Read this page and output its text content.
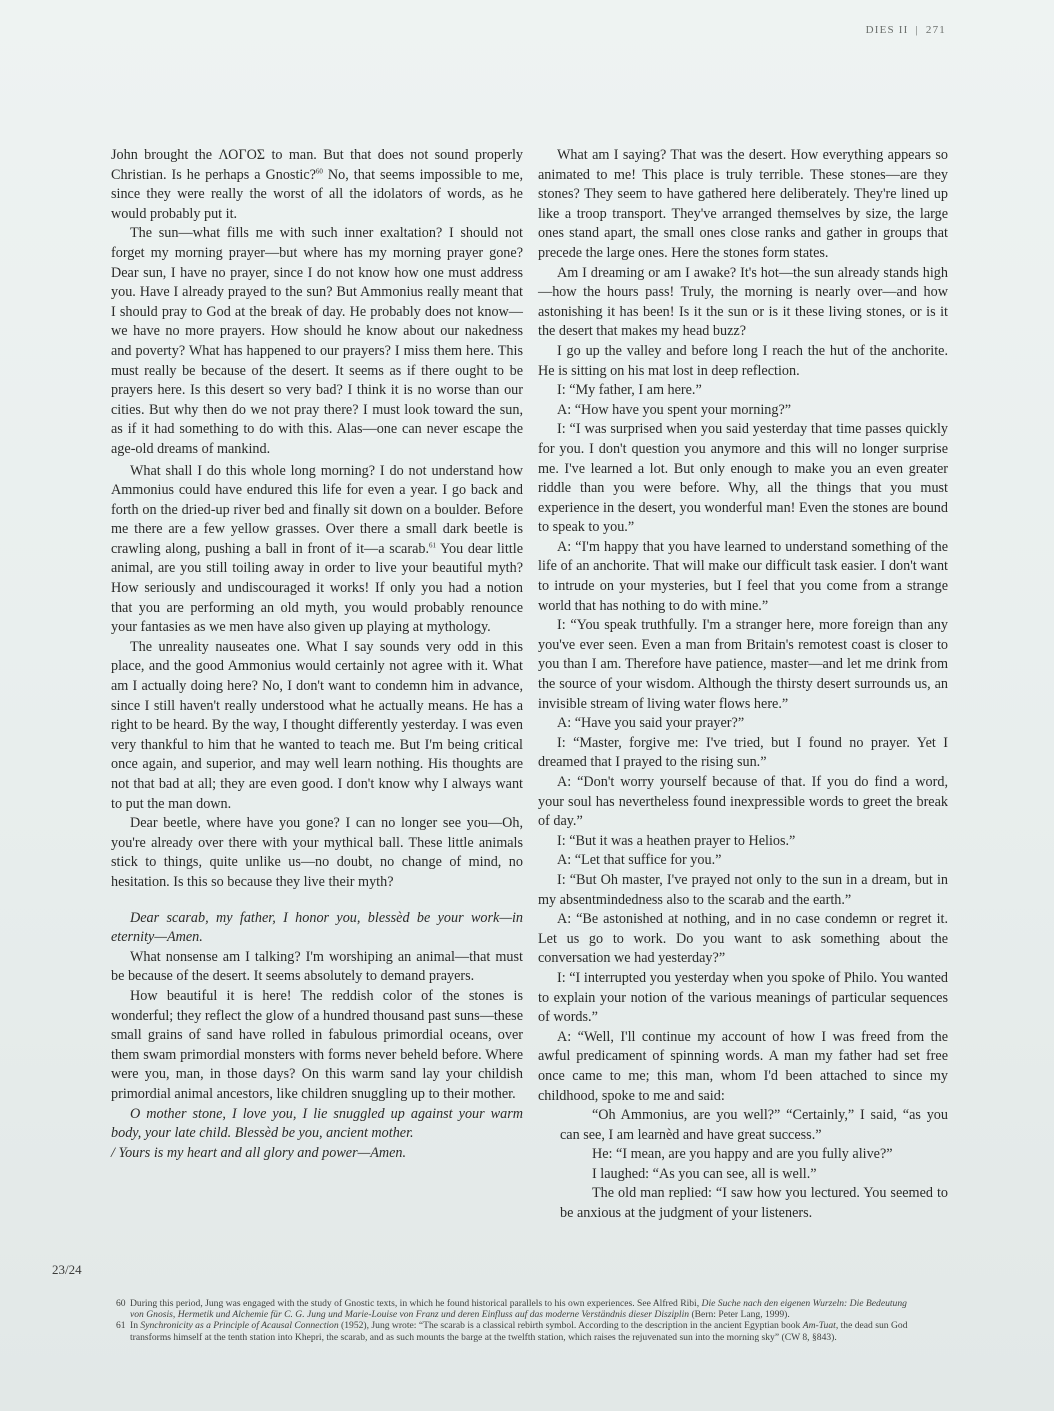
DIES II | 271

John brought the ΛΟΓΟΣ to man. But that does not sound properly Christian. Is he perhaps a Gnostic?$^{60}$ No, that seems impossible to me, since they were really the worst of all the idolators of words, as he would probably put it.

The sun—what fills me with such inner exaltation? I should not forget my morning prayer—but where has my morning prayer gone? Dear sun, I have no prayer, since I do not know how one must address you. Have I already prayed to the sun? But Ammonius really meant that I should pray to God at the break of day. He probably does not know—we have no more prayers. How should he know about our nakedness and poverty? What has happened to our prayers? I miss them here. This must really be because of the desert. It seems as if there ought to be prayers here. Is this desert so very bad? I think it is no worse than our cities. But why then do we not pray there? I must look toward the sun, as if it had something to do with this. Alas—one can never escape the age-old dreams of mankind.

What shall I do this whole long morning? I do not understand how Ammonius could have endured this life for even a year. I go back and forth on the dried-up river bed and finally sit down on a boulder. Before me there are a few yellow grasses. Over there a small dark beetle is crawling along, pushing a ball in front of it—a scarab.$^{61}$ You dear little animal, are you still toiling away in order to live your beautiful myth? How seriously and undiscouraged it works! If only you had a notion that you are performing an old myth, you would probably renounce your fantasies as we men have also given up playing at mythology.

The unreality nauseates one. What I say sounds very odd in this place, and the good Ammonius would certainly not agree with it. What am I actually doing here? No, I don't want to condemn him in advance, since I still haven't really understood what he actually means. He has a right to be heard. By the way, I thought differently yesterday. I was even very thankful to him that he wanted to teach me. But I'm being critical once again, and superior, and may well learn nothing. His thoughts are not that bad at all; they are even good. I don't know why I always want to put the man down.

Dear beetle, where have you gone? I can no longer see you—Oh, you're already over there with your mythical ball. These little animals stick to things, quite unlike us—no doubt, no change of mind, no hesitation. Is this so because they live their myth?

Dear scarab, my father, I honor you, blessèd be your work—in eternity—Amen.

What nonsense am I talking? I'm worshiping an animal—that must be because of the desert. It seems absolutely to demand prayers.

How beautiful it is here! The reddish color of the stones is wonderful; they reflect the glow of a hundred thousand past suns—these small grains of sand have rolled in fabulous primordial oceans, over them swam primordial monsters with forms never beheld before. Where were you, man, in those days? On this warm sand lay your childish primordial animal ancestors, like children snuggling up to their mother.

O mother stone, I love you, I lie snuggled up against your warm body, your late child. Blessèd be you, ancient mother.

/ Yours is my heart and all glory and power—Amen.

What am I saying? That was the desert. How everything appears so animated to me! This place is truly terrible. These stones—are they stones? They seem to have gathered here deliberately. They're lined up like a troop transport. They've arranged themselves by size, the large ones stand apart, the small ones close ranks and gather in groups that precede the large ones. Here the stones form states.

Am I dreaming or am I awake? It's hot—the sun already stands high—how the hours pass! Truly, the morning is nearly over—and how astonishing it has been! Is it the sun or is it these living stones, or is it the desert that makes my head buzz?

I go up the valley and before long I reach the hut of the anchorite. He is sitting on his mat lost in deep reflection.

I: “My father, I am here.”

A: “How have you spent your morning?”

I: “I was surprised when you said yesterday that time passes quickly for you. I don't question you anymore and this will no longer surprise me. I've learned a lot. But only enough to make you an even greater riddle than you were before. Why, all the things that you must experience in the desert, you wonderful man! Even the stones are bound to speak to you.”

A: “I'm happy that you have learned to understand something of the life of an anchorite. That will make our difficult task easier. I don't want to intrude on your mysteries, but I feel that you come from a strange world that has nothing to do with mine.”

I: “You speak truthfully. I'm a stranger here, more foreign than any you've ever seen. Even a man from Britain's remotest coast is closer to you than I am. Therefore have patience, master—and let me drink from the source of your wisdom. Although the thirsty desert surrounds us, an invisible stream of living water flows here.”

A: “Have you said your prayer?”

I: “Master, forgive me: I've tried, but I found no prayer. Yet I dreamed that I prayed to the rising sun.”

A: “Don't worry yourself because of that. If you do find a word, your soul has nevertheless found inexpressible words to greet the break of day.”

I: “But it was a heathen prayer to Helios.”

A: “Let that suffice for you.”

I: “But Oh master, I've prayed not only to the sun in a dream, but in my absentmindedness also to the scarab and the earth.”

A: “Be astonished at nothing, and in no case condemn or regret it. Let us go to work. Do you want to ask something about the conversation we had yesterday?”

I: “I interrupted you yesterday when you spoke of Philo. You wanted to explain your notion of the various meanings of particular sequences of words.”

A: “Well, I'll continue my account of how I was freed from the awful predicament of spinning words. A man my father had set free once came to me; this man, whom I'd been attached to since my childhood, spoke to me and said:

“Oh Ammonius, are you well?” “Certainly,” I said, “as you can see, I am learnèd and have great success.”

He: “I mean, are you happy and are you fully alive?”

I laughed: “As you can see, all is well.”

The old man replied: “I saw how you lectured. You seemed to be anxious at the judgment of your listeners.

23/24

60 During this period, Jung was engaged with the study of Gnostic texts, in which he found historical parallels to his own experiences. See Alfred Ribi, Die Suche nach den eigenen Wurzeln: Die Bedeutung von Gnosis, Hermetik und Alchemie für C. G. Jung und Marie-Louise von Franz und deren Einfluss auf das moderne Verständnis dieser Disziplin (Bern: Peter Lang, 1999).

61 In Synchronicity as a Principle of Acausal Connection (1952), Jung wrote: “The scarab is a classical rebirth symbol. According to the description in the ancient Egyptian book Am-Tuat, the dead sun God transforms himself at the tenth station into Khepri, the scarab, and as such mounts the barge at the twelfth station, which raises the rejuvenated sun into the morning sky” (CW 8, §843).
